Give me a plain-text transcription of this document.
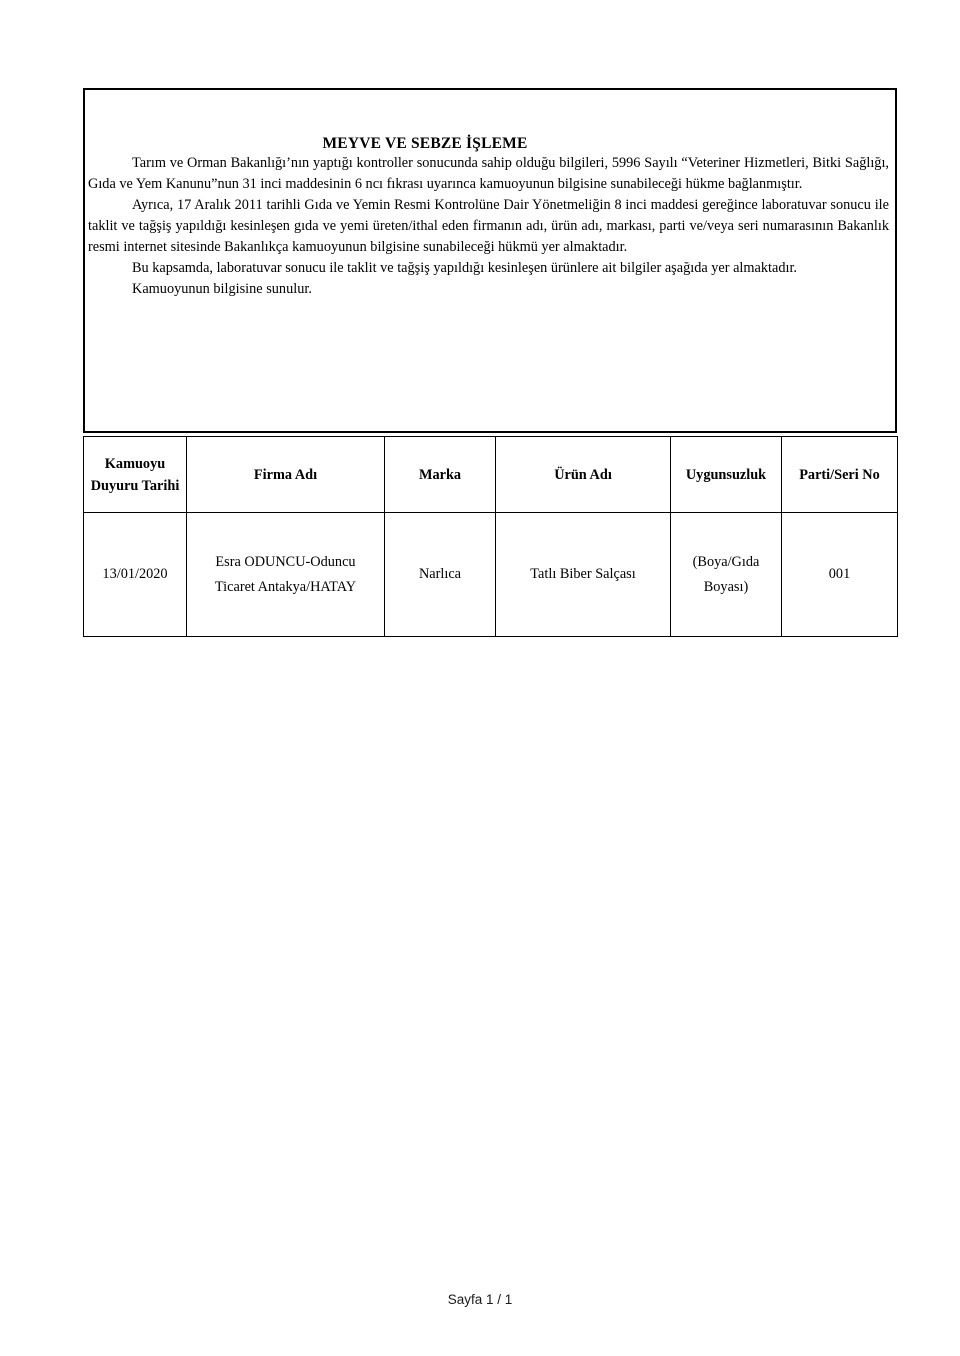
MEYVE VE SEBZE İŞLEME

Tarım ve Orman Bakanlığı’nın yaptığı kontroller sonucunda sahip olduğu bilgileri, 5996 Sayılı “Veteriner Hizmetleri, Bitki Sağlığı, Gıda ve Yem Kanunu”nun 31 inci maddesinin 6 ncı fıkrası uyarınca kamuoyunun bilgisine sunabileceği hükme bağlanmıştır.

Ayrıca, 17 Aralık 2011 tarihli Gıda ve Yemin Resmi Kontrolüne Dair Yönetmeliğin 8 inci maddesi gereğince laboratuvar sonucu ile taklit ve tağşiş yapıldığı kesinleşen gıda ve yemi üreten/ithal eden firmanın adı, ürün adı, markası, parti ve/veya seri numarasının Bakanlık resmi internet sitesinde Bakanlıkça kamuoyunun bilgisine sunabileceği hükmü yer almaktadır.

Bu kapsamda, laboratuvar sonucu ile taklit ve tağşiş yapıldığı kesinleşen ürünlere ait bilgiler aşağıda yer almaktadır.

Kamuoyunun bilgisine sunulur.

Kamuoyu Duyuru Tarihi	Firma Adı	Marka	Ürün Adı	Uygunsuzluk	Parti/Seri No
13/01/2020	Esra ODUNCU-Oduncu Ticaret Antakya/HATAY	Narlıca	Tatlı Biber Salçası	(Boya/Gıda Boyası)	001
Sayfa 1 / 1
